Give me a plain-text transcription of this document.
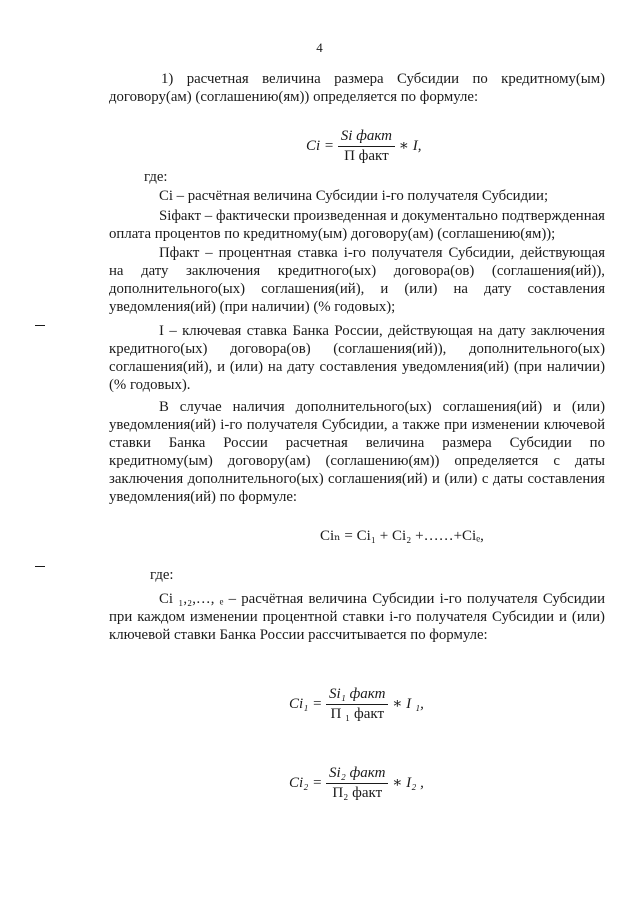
4
1) расчетная величина размера Субсидии по кредитному(ым)
договору(ам) (соглашению(ям)) определяется по формуле:
$Ci = \frac{\text{Si факт}}{\text{П факт}}$ ∗ I,
где:
Ci – расчётная величина Субсидии i-го получателя Субсидии;
Siфакт – фактически произведенная и документально подтвержденная оплата процентов по кредитному(ым) договору(ам) (соглашению(ям));
Пфакт – процентная ставка i-го получателя Субсидии, действующая на дату заключения кредитного(ых) договора(ов) (соглашения(ий)), дополнительного(ых) соглашения(ий), и (или) на дату составления уведомления(ий) (при наличии) (% годовых);
I – ключевая ставка Банка России, действующая на дату заключения кредитного(ых) договора(ов) (соглашения(ий)), дополнительного(ых) соглашения(ий), и (или) на дату составления уведомления(ий) (при наличии) (% годовых).
В случае наличия дополнительного(ых) соглашения(ий) и (или) уведомления(ий) i-го получателя Субсидии, а также при изменении ключевой ставки Банка России расчетная величина размера Субсидии по кредитному(ым) договору(ам) (соглашению(ям)) определяется с даты заключения дополнительного(ых) соглашения(ий) и (или) с даты составления уведомления(ий) по формуле:
Ciₙ = Ci₁ + Ci₂ +……+Ciₑ,
где:
Ci ₁,₂,…, ₑ – расчётная величина Субсидии i-го получателя Субсидии при каждом изменении процентной ставки i-го получателя Субсидии и (или) ключевой ставки Банка России рассчитывается по формуле:
$Ci_1 = \frac{\text{Si₁ факт}}{\text{П ₁ факт}}$ ∗ I ₁,
$Ci_2 = \frac{\text{Si₂ факт}}{\text{П₂ факт}}$ ∗ I₂ ,
